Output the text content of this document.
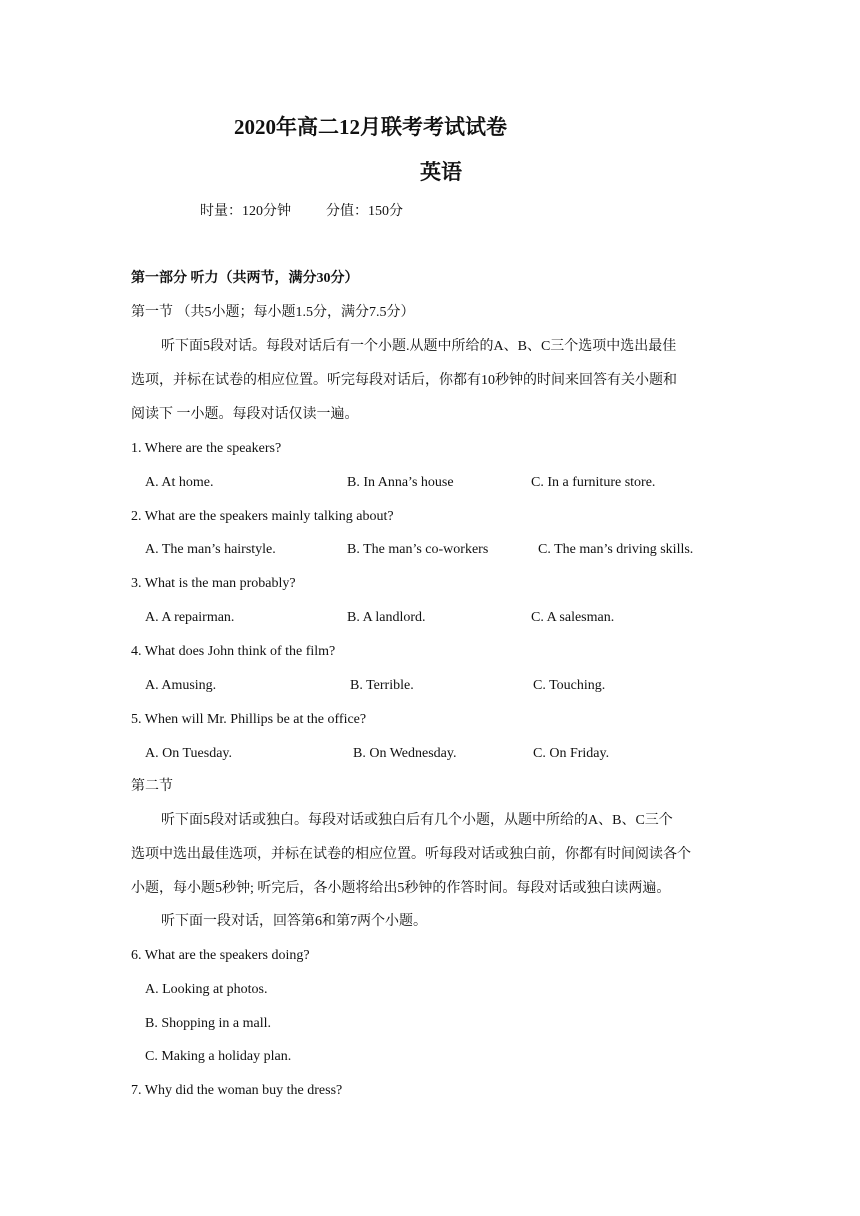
2020年高二12月联考考试试卷
英语
时量：120分钟	分值：150分
第一部分 听力（共两节，满分30分）
第一节 （共5小题；每小题1.5分，满分7.5分）
听下面5段对话。每段对话后有一个小题.从题中所给的A、B、C三个选项中选出最佳
选项，并标在试卷的相应位置。听完每段对话后，你都有10秒钟的时间来回答有关小题和
阅读下 一小题。每段对话仅读一遍。
1. Where are the speakers?
A. At home.	B. In Anna’s house	C. In a furniture store.
2. What are the speakers mainly talking about?
A. The man’s hairstyle.	B. The man’s co-workers	C. The man’s driving skills.
3. What is the man probably?
A. A repairman.	B. A landlord.	C. A salesman.
4. What does John think of the film?
A. Amusing.	B. Terrible.	C. Touching.
5. When will Mr. Phillips be at the office?
A. On Tuesday.	B. On Wednesday.	C. On Friday.
第二节
听下面5段对话或独白。每段对话或独白后有几个小题，从题中所给的A、B、C三个
选项中选出最佳选项，并标在试卷的相应位置。听每段对话或独白前，你都有时间阅读各个
小题，每小题5秒钟; 听完后，各小题将给出5秒钟的作答时间。每段对话或独白读两遍。
听下面一段对话，回答第6和第7两个小题。
6. What are the speakers doing?
A. Looking at photos.
B. Shopping in a mall.
C. Making a holiday plan.
7. Why did the woman buy the dress?
